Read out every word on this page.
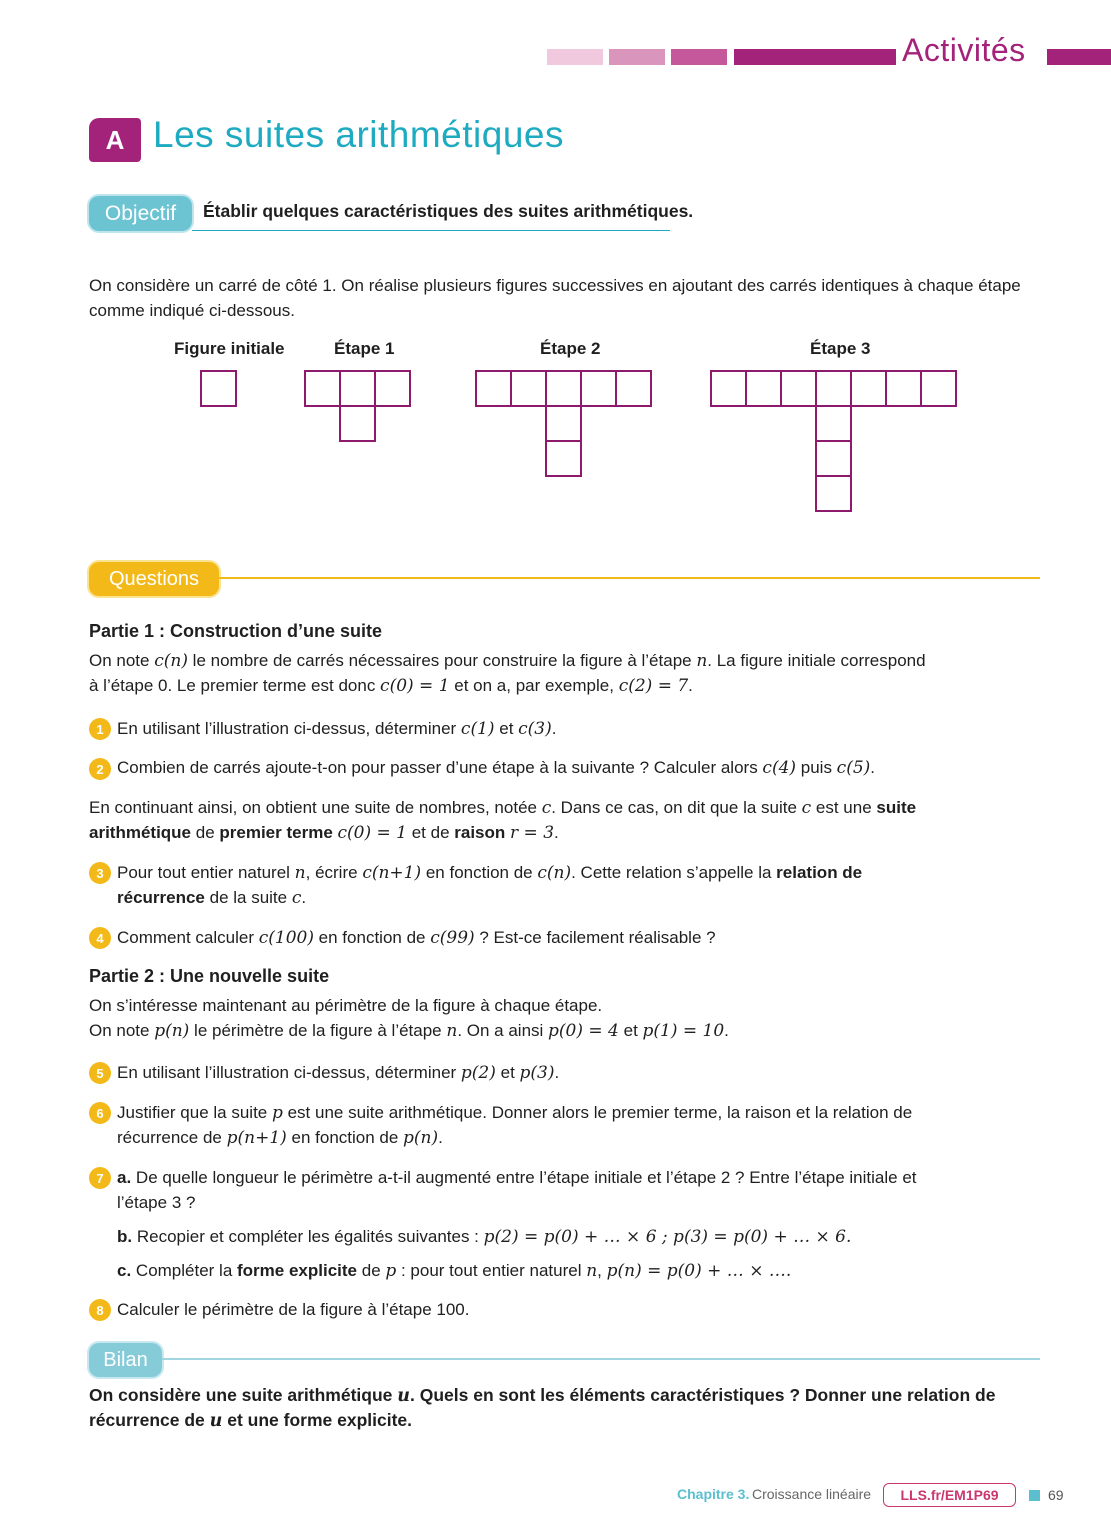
Activités
A Les suites arithmétiques
Objectif	Établir quelques caractéristiques des suites arithmétiques.
On considère un carré de côté 1. On réalise plusieurs figures successives en ajoutant des carrés identiques à chaque étape
comme indiqué ci-dessous.
Figure initiale	Étape 1	Étape 2	Étape 3
Questions
Partie 1 : Construction d’une suite
On note c(n) le nombre de carrés nécessaires pour construire la figure à l’étape n. La figure initiale correspond
à l’étape 0. Le premier terme est donc c(0) = 1 et on a, par exemple, c(2) = 7.
1 En utilisant l’illustration ci-dessus, déterminer c(1) et c(3).
2 Combien de carrés ajoute-t-on pour passer d’une étape à la suivante ? Calculer alors c(4) puis c(5).
En continuant ainsi, on obtient une suite de nombres, notée c. Dans ce cas, on dit que la suite c est une suite
arithmétique de premier terme c(0) = 1 et de raison r = 3.
3 Pour tout entier naturel n, écrire c(n+1) en fonction de c(n). Cette relation s’appelle la relation de
récurrence de la suite c.
4 Comment calculer c(100) en fonction de c(99) ? Est-ce facilement réalisable ?
Partie 2 : Une nouvelle suite
On s’intéresse maintenant au périmètre de la figure à chaque étape.
On note p(n) le périmètre de la figure à l’étape n. On a ainsi p(0) = 4 et p(1) = 10.
5 En utilisant l’illustration ci-dessus, déterminer p(2) et p(3).
6 Justifier que la suite p est une suite arithmétique. Donner alors le premier terme, la raison et la relation de
récurrence de p(n+1) en fonction de p(n).
7 a. De quelle longueur le périmètre a-t-il augmenté entre l’étape initiale et l’étape 2 ? Entre l’étape initiale et
l’étape 3 ?
b. Recopier et compléter les égalités suivantes : p(2) = p(0) + … × 6 ; p(3) = p(0) + … × 6.
c. Compléter la forme explicite de p : pour tout entier naturel n, p(n) = p(0) + … × ….
8 Calculer le périmètre de la figure à l’étape 100.
Bilan
On considère une suite arithmétique u. Quels en sont les éléments caractéristiques ? Donner une relation de
récurrence de u et une forme explicite.
Chapitre 3. Croissance linéaire	LLS.fr/EM1P69	69
